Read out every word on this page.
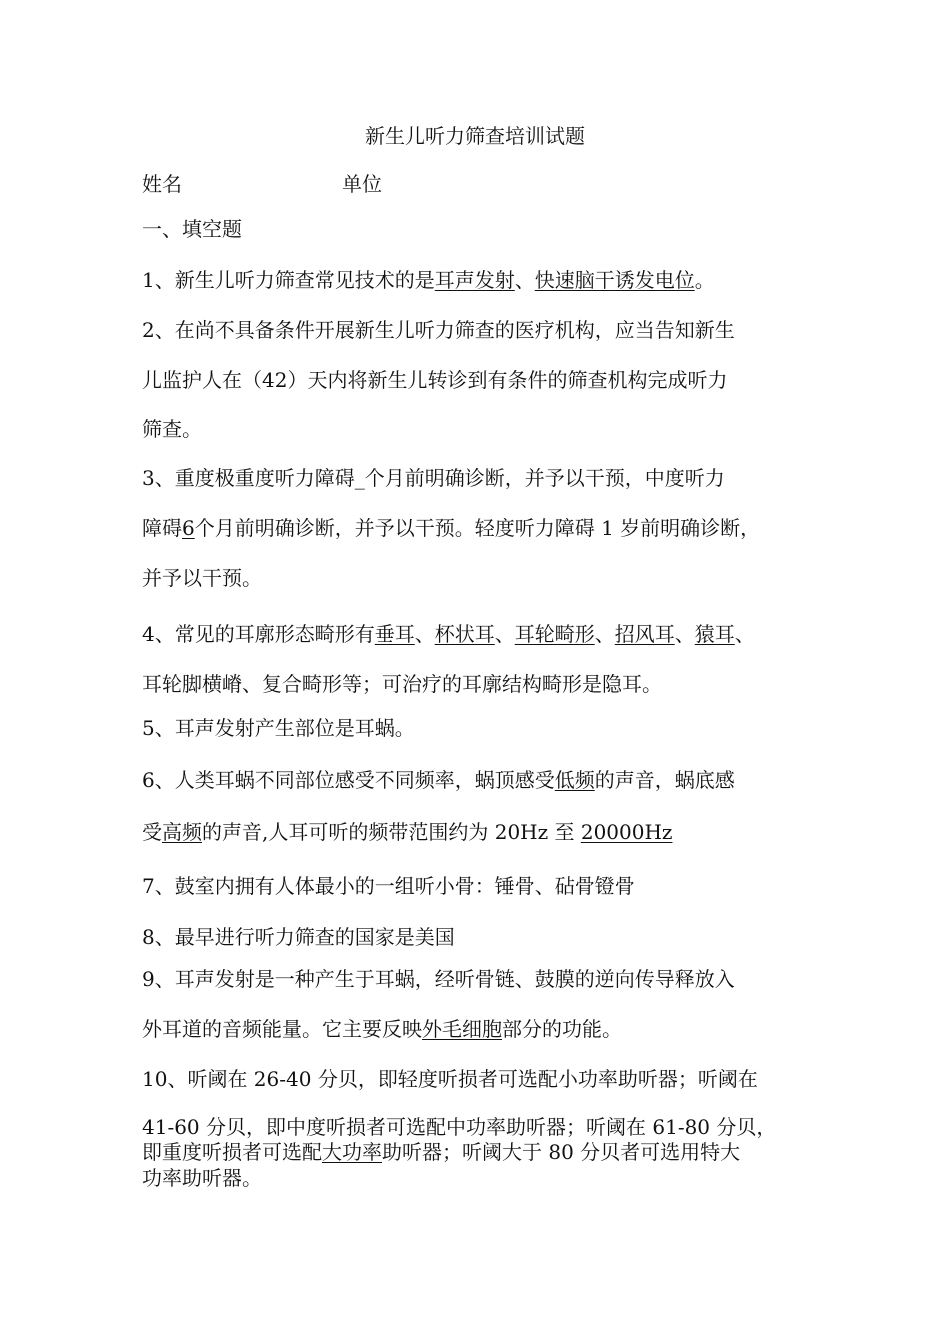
新生儿听力筛查培训试题
姓名	单位
一、填空题
1、新生儿听力筛查常见技术的是耳声发射、快速脑干诱发电位。
2、在尚不具备条件开展新生儿听力筛查的医疗机构，应当告知新生
儿监护人在（42）天内将新生儿转诊到有条件的筛查机构完成听力
筛查。
3、重度极重度听力障碍_个月前明确诊断，并予以干预，中度听力
障碍6个月前明确诊断，并予以干预。轻度听力障碍 1 岁前明确诊断，
并予以干预。
4、常见的耳廓形态畸形有垂耳、杯状耳、耳轮畸形、招风耳、猿耳、
耳轮脚横嵴、复合畸形等；可治疗的耳廓结构畸形是隐耳。
5、耳声发射产生部位是耳蜗。
6、人类耳蜗不同部位感受不同频率，蜗顶感受低频的声音，蜗底感
受高频的声音,人耳可听的频带范围约为 20Hz 至 20000Hz
7、鼓室内拥有人体最小的一组听小骨：锤骨、砧骨镫骨
8、最早进行听力筛查的国家是美国
9、耳声发射是一种产生于耳蜗，经听骨链、鼓膜的逆向传导释放入
外耳道的音频能量。它主要反映外毛细胞部分的功能。
10、听阈在 26-40 分贝，即轻度听损者可选配小功率助听器；听阈在
41-60 分贝，即中度听损者可选配中功率助听器；听阈在 61-80 分贝，
即重度听损者可选配大功率助听器；听阈大于 80 分贝者可选用特大
功率助听器。
